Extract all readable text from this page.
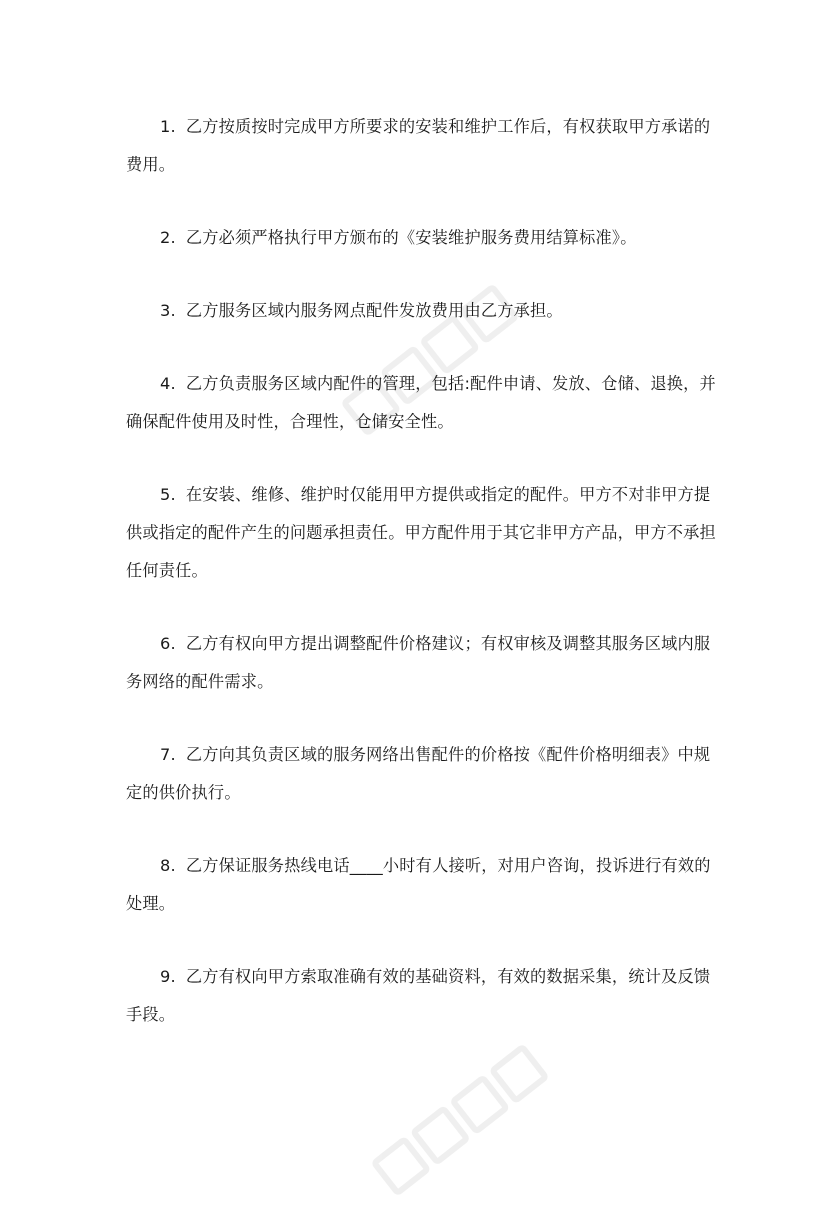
1. 乙方按质按时完成甲方所要求的安装和维护工作后，有权获取甲方承诺的费用。

2. 乙方必须严格执行甲方颁布的《安装维护服务费用结算标准》。

3. 乙方服务区域内服务网点配件发放费用由乙方承担。

4. 乙方负责服务区域内配件的管理，包括:配件申请、发放、仓储、退换，并确保配件使用及时性，合理性，仓储安全性。

5. 在安装、维修、维护时仅能用甲方提供或指定的配件。甲方不对非甲方提供或指定的配件产生的问题承担责任。甲方配件用于其它非甲方产品，甲方不承担任何责任。

6. 乙方有权向甲方提出调整配件价格建议；有权审核及调整其服务区域内服务网络的配件需求。

7. 乙方向其负责区域的服务网络出售配件的价格按《配件价格明细表》中规定的供价执行。

8. 乙方保证服务热线电话____小时有人接听，对用户咨询，投诉进行有效的处理。

9. 乙方有权向甲方索取准确有效的基础资料，有效的数据采集，统计及反馈手段。
